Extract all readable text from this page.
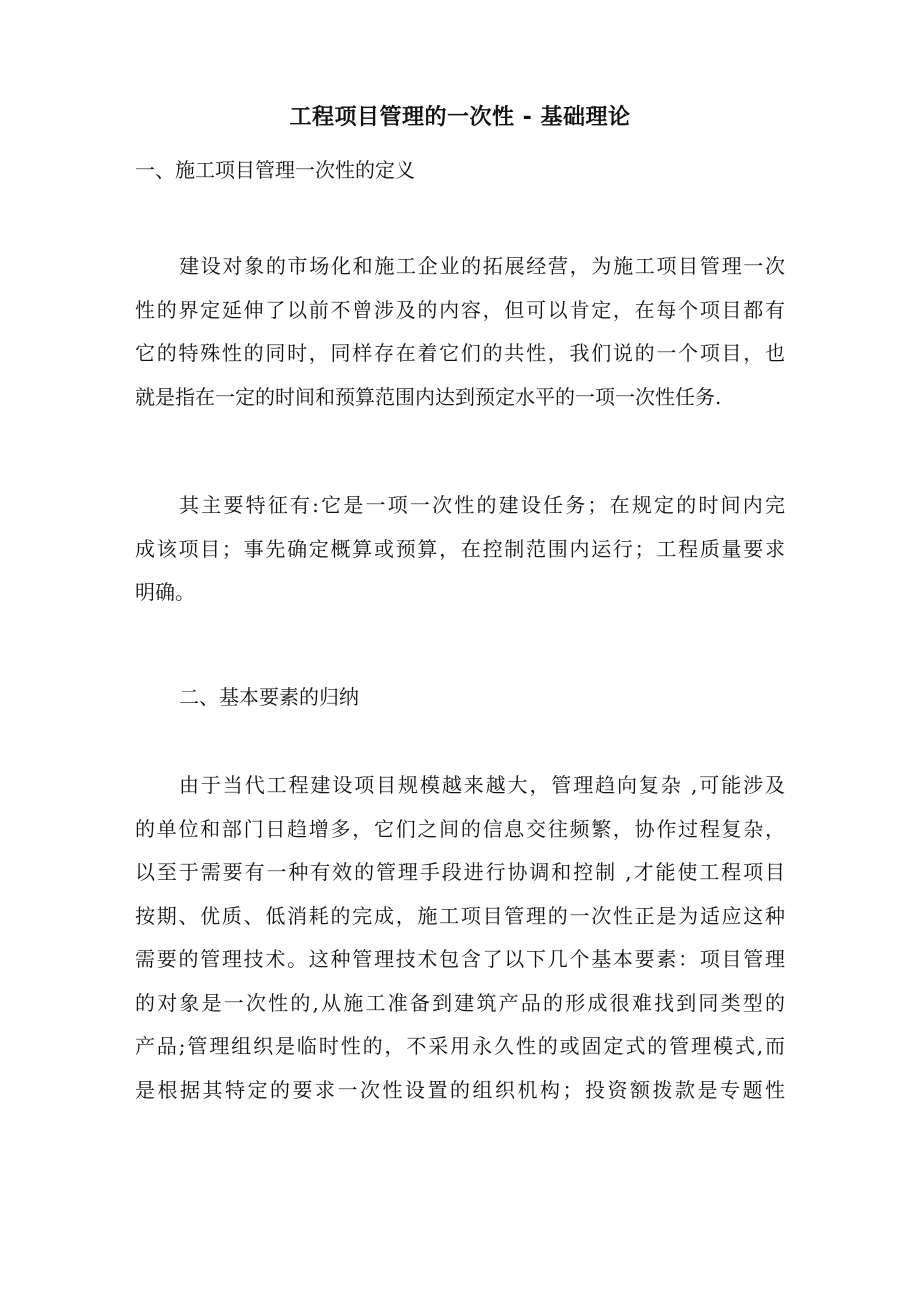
工程项目管理的一次性 - 基础理论

一、施工项目管理一次性的定义

建设对象的市场化和施工企业的拓展经营，为施工项目管理一次
性的界定延伸了以前不曾涉及的内容，但可以肯定，在每个项目都有
它的特殊性的同时，同样存在着它们的共性，我们说的一个项目，也
就是指在一定的时间和预算范围内达到预定水平的一项一次性任务.
其主要特征有:它是一项一次性的建设任务；在规定的时间内完
成该项目；事先确定概算或预算，在控制范围内运行；工程质量要求
明确。

二、基本要素的归纳

由于当代工程建设项目规模越来越大，管理趋向复杂 ,可能涉及
的单位和部门日趋增多，它们之间的信息交往频繁，协作过程复杂，
以至于需要有一种有效的管理手段进行协调和控制 ,才能使工程项目
按期、优质、低消耗的完成，施工项目管理的一次性正是为适应这种
需要的管理技术。这种管理技术包含了以下几个基本要素：项目管理
的对象是一次性的,从施工准备到建筑产品的形成很难找到同类型的
产品;管理组织是临时性的，不采用永久性的或固定式的管理模式,而
是根据其特定的要求一次性设置的组织机构；投资额拨款是专题性
